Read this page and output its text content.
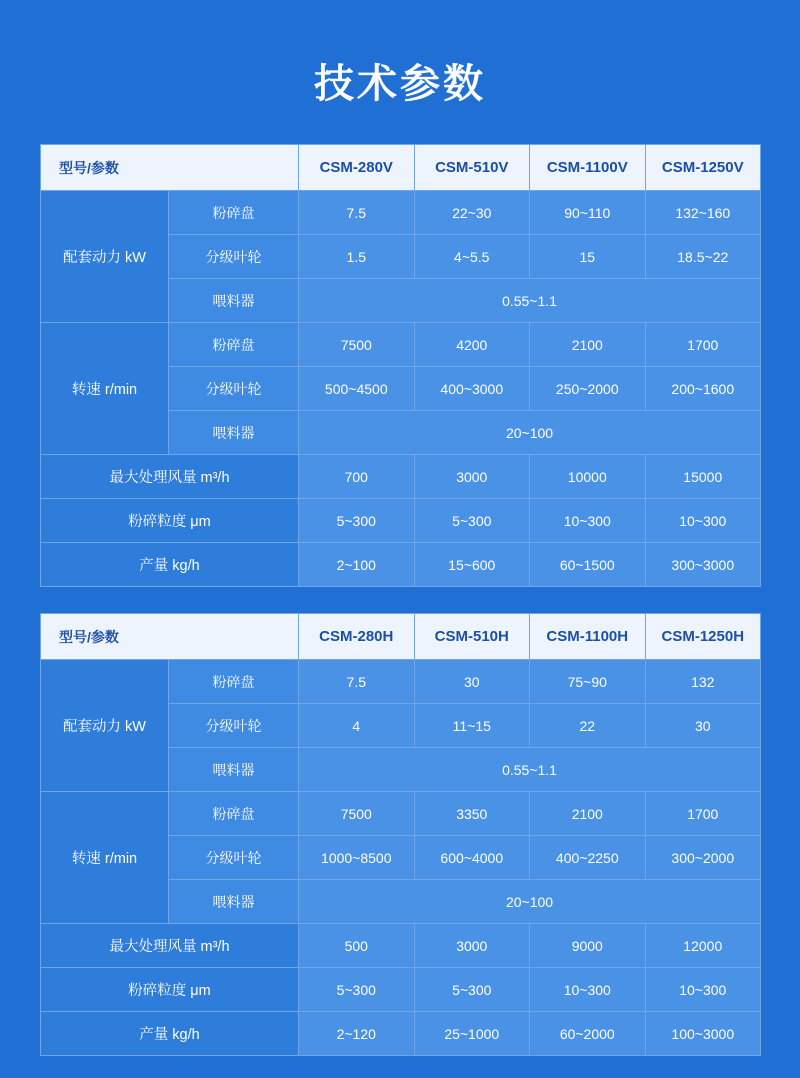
技术参数
型号/参数		CSM-280V	CSM-510V	CSM-1100V	CSM-1250V
配套动力 kW	粉碎盘	7.5	22~30	90~110	132~160
	分级叶轮	1.5	4~5.5	15	18.5~22
	喂料器	0.55~1.1			
转速 r/min	粉碎盘	7500	4200	2100	1700
	分级叶轮	500~4500	400~3000	250~2000	200~1600
	喂料器	20~100			
最大处理风量 m³/h		700	3000	10000	15000
粉碎粒度 μm		5~300	5~300	10~300	10~300
产量 kg/h		2~100	15~600	60~1500	300~3000
型号/参数		CSM-280H	CSM-510H	CSM-1100H	CSM-1250H
配套动力 kW	粉碎盘	7.5	30	75~90	132
	分级叶轮	4	11~15	22	30
	喂料器	0.55~1.1			
转速 r/min	粉碎盘	7500	3350	2100	1700
	分级叶轮	1000~8500	600~4000	400~2250	300~2000
	喂料器	20~100			
最大处理风量 m³/h		500	3000	9000	12000
粉碎粒度 μm		5~300	5~300	10~300	10~300
产量 kg/h		2~120	25~1000	60~2000	100~3000
